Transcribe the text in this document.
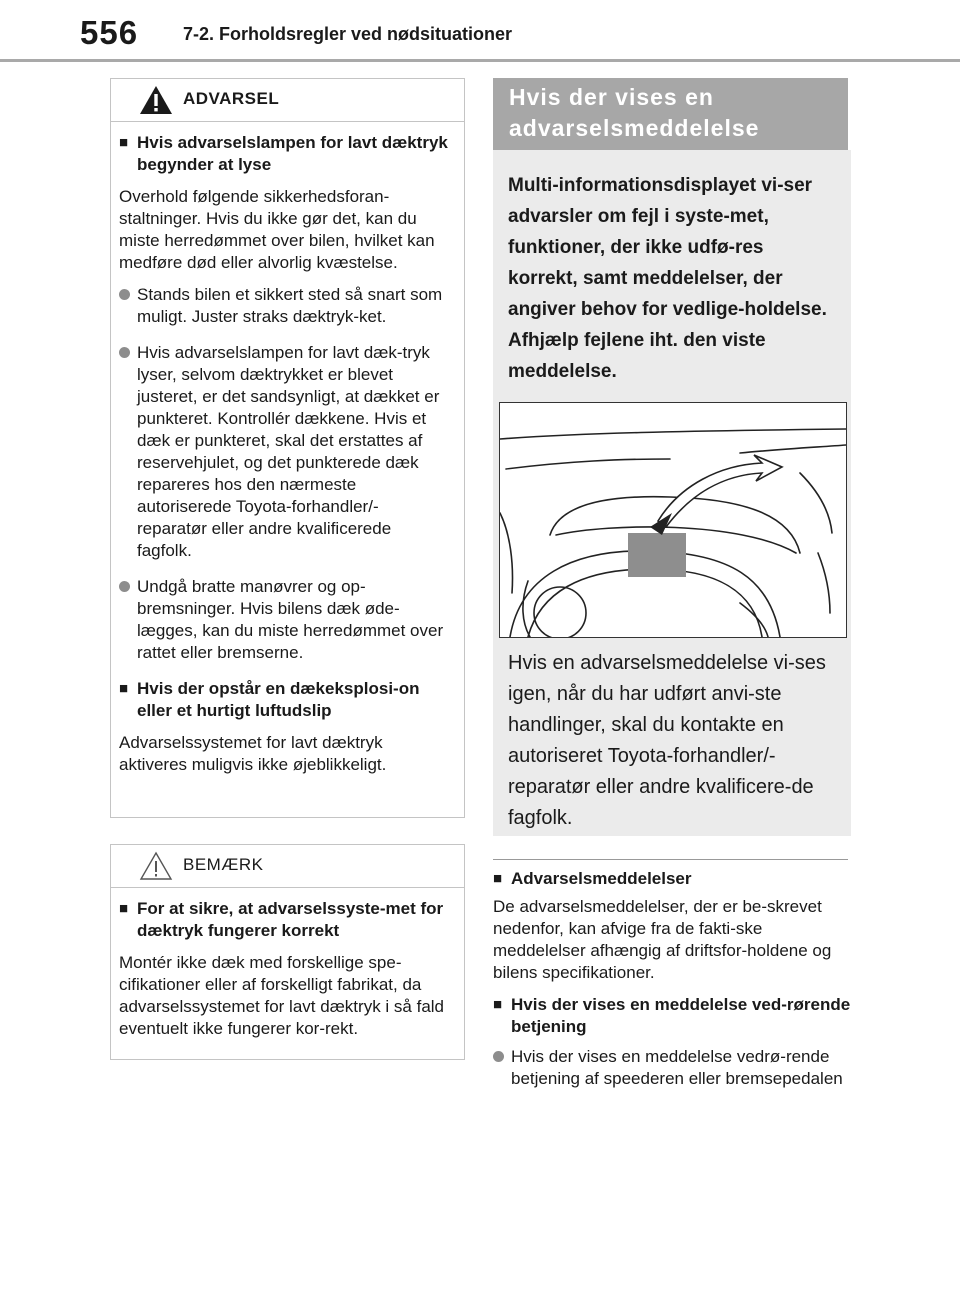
556 7-2. Forholdsregler ved nødsituationer
ADVARSEL
■ Hvis advarselslampen for lavt dæktryk begynder at lyse

Overhold følgende sikkerhedsforan-staltninger. Hvis du ikke gør det, kan du miste herredømmet over bilen, hvilket kan medføre død eller alvorlig kvæstelse.

Stands bilen et sikkert sted så snart som muligt. Juster straks dæktryk-ket.
Hvis advarselslampen for lavt dæk-tryk lyser, selvom dæktrykket er blevet justeret, er det sandsynligt, at dækket er punkteret. Kontrollér dækkene. Hvis et dæk er punkteret, skal det erstattes af reservehjulet, og det punkterede dæk repareres hos den nærmeste autoriserede Toyota-forhandler/-reparatør eller andre kvalificerede fagfolk.
Undgå bratte manøvrer og op-bremsninger. Hvis bilens dæk øde-lægges, kan du miste herredømmet over rattet eller bremserne.
■ Hvis der opstår en dækeksplosi-on eller et hurtigt luftudslip

Advarselssystemet for lavt dæktryk aktiveres muligvis ikke øjeblikkeligt.

BEMÆRK
■ For at sikre, at advarselssyste-met for dæktryk fungerer korrekt

Montér ikke dæk med forskellige spe-cifikationer eller af forskelligt fabrikat, da advarselssystemet for lavt dæktryk i så fald eventuelt ikke fungerer kor-rekt.

Hvis der vises en
advarselsmeddelelse
Multi-informationsdisplayet vi-ser advarsler om fejl i syste-met, funktioner, der ikke udfø-res korrekt, samt meddelelser, der angiver behov for vedlige-holdelse. Afhjælp fejlene iht. den viste meddelelse.
Hvis en advarselsmeddelelse vi-ses igen, når du har udført anvi-ste handlinger, skal du kontakte en autoriseret Toyota-forhandler/-reparatør eller andre kvalificere-de fagfolk.
■ Advarselsmeddelelser

De advarselsmeddelelser, der er be-skrevet nedenfor, kan afvige fra de fakti-ske meddelelser afhængig af driftsfor-holdene og bilens specifikationer.

■ Hvis der vises en meddelelse ved-rørende betjening
Hvis der vises en meddelelse vedrø-rende betjening af speederen eller bremsepedalen
